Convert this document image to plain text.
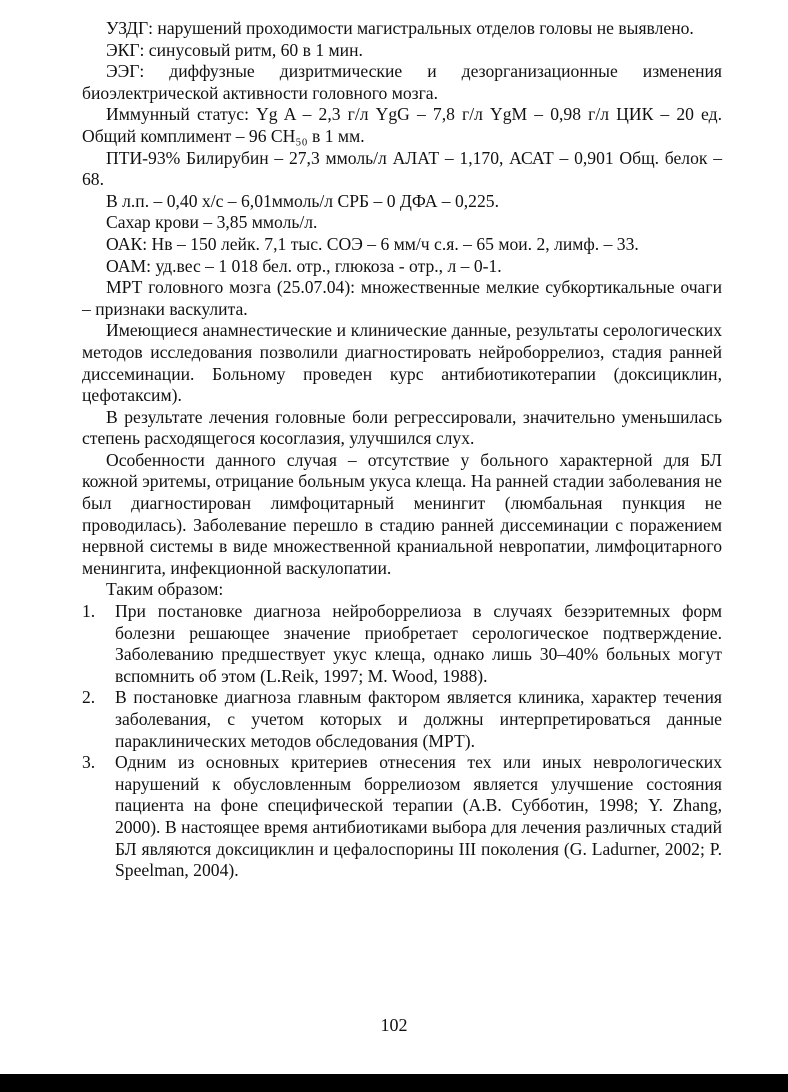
УЗДГ: нарушений проходимости магистральных отделов головы не выявлено.

ЭКГ: синусовый ритм, 60 в 1 мин.

ЭЭГ: диффузные дизритмические и дезорганизационные изменения биоэлектрической активности головного мозга.

Иммунный статус: Yg A – 2,3 г/л YgG – 7,8 г/л YgM – 0,98 г/л ЦИК – 20 ед. Общий комплимент – 96 CH₅₀ в 1 мм.

ПТИ-93% Билирубин – 27,3 ммоль/л АЛАТ – 1,170, АСАТ – 0,901 Общ. белок – 68.

В л.п. – 0,40 х/с – 6,01ммоль/л СРБ – 0 ДФА – 0,225.

Сахар крови – 3,85 ммоль/л.

ОАК: Нв – 150 лейк. 7,1 тыс. СОЭ – 6 мм/ч с.я. – 65 мои. 2, лимф. – 33.

ОАМ: уд.вес – 1 018 бел. отр., глюкоза - отр., л – 0-1.

МРТ головного мозга (25.07.04): множественные мелкие субкортикальные очаги – признаки васкулита.

Имеющиеся анамнестические и клинические данные, результаты серологических методов исследования позволили диагностировать нейроборрелиоз, стадия ранней диссеминации. Больному проведен курс антибиотикотерапии (доксициклин, цефотаксим).

В результате лечения головные боли регрессировали, значительно уменьшилась степень расходящегося косоглазия, улучшился слух.

Особенности данного случая – отсутствие у больного характерной для БЛ кожной эритемы, отрицание больным укуса клеща. На ранней стадии заболевания не был диагностирован лимфоцитарный менингит (люмбальная пункция не проводилась). Заболевание перешло в стадию ранней диссеминации с поражением нервной системы в виде множественной краниальной невропатии, лимфоцитарного менингита, инфекционной васкулопатии.

Таким образом:

1. При постановке диагноза нейроборрелиоза в случаях безэритемных форм болезни решающее значение приобретает серологическое подтверждение. Заболеванию предшествует укус клеща, однако лишь 30–40% больных могут вспомнить об этом (L.Reik, 1997; M. Wood, 1988).
2. В постановке диагноза главным фактором является клиника, характер течения заболевания, с учетом которых и должны интерпретироваться данные параклинических методов обследования (МРТ).
3. Одним из основных критериев отнесения тех или иных неврологических нарушений к обусловленным боррелиозом является улучшение состояния пациента на фоне специфической терапии (А.В. Субботин, 1998; Y. Zhang, 2000). В настоящее время антибиотиками выбора для лечения различных стадий БЛ являются доксициклин и цефалоспорины III поколения (G. Ladurner, 2002; P. Speelman, 2004).
102
